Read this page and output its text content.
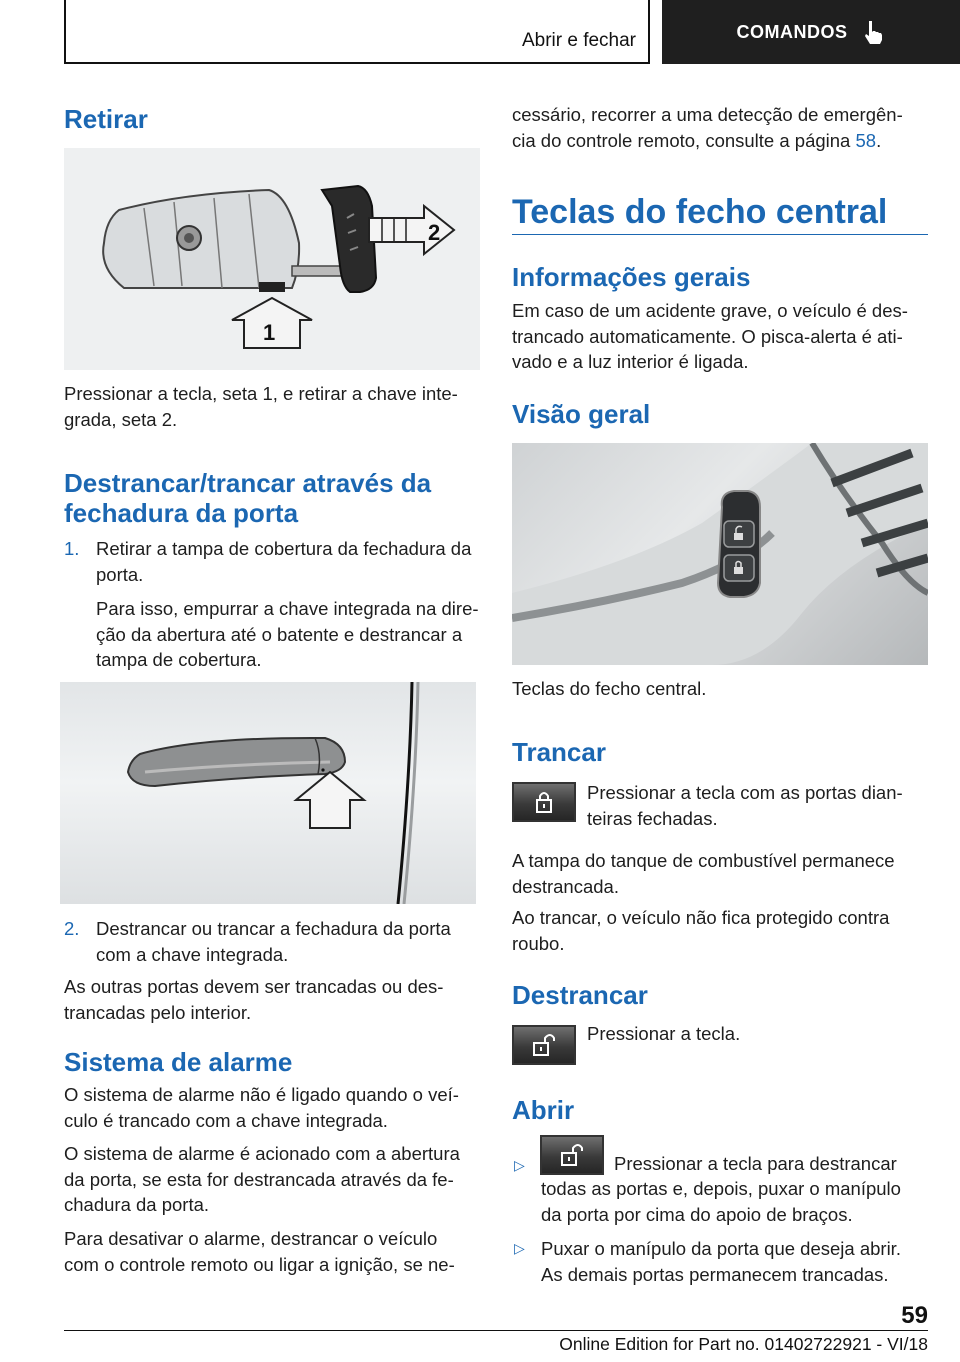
Abrir e fechar	COMANDOS
Retirar
2
1
Pressionar a tecla, seta 1, e retirar a chave inte-
grada, seta 2.
Destrancar/trancar através da
fechadura da porta
1. Retirar a tampa de cobertura da fechadura da
porta.
Para isso, empurrar a chave integrada na dire-
ção da abertura até o batente e destrancar a
tampa de cobertura.
2. Destrancar ou trancar a fechadura da porta
com a chave integrada.
As outras portas devem ser trancadas ou des-
trancadas pelo interior.
Sistema de alarme
O sistema de alarme não é ligado quando o veí-
culo é trancado com a chave integrada.
O sistema de alarme é acionado com a abertura
da porta, se esta for destrancada através da fe-
chadura da porta.
Para desativar o alarme, destrancar o veículo
com o controle remoto ou ligar a ignição, se ne-
cessário, recorrer a uma detecção de emergên-
cia do controle remoto, consulte a página 58.
Teclas do fecho central
Informações gerais
Em caso de um acidente grave, o veículo é des-
trancado automaticamente. O pisca-alerta é ati-
vado e a luz interior é ligada.
Visão geral
Teclas do fecho central.
Trancar
Pressionar a tecla com as portas dian-
teiras fechadas.
A tampa do tanque de combustível permanece
destrancada.
Ao trancar, o veículo não fica protegido contra
roubo.
Destrancar
Pressionar a tecla.
Abrir
▷	Pressionar a tecla para destrancar
todas as portas e, depois, puxar o manípulo
da porta por cima do apoio de braços.
▷ Puxar o manípulo da porta que deseja abrir.
As demais portas permanecem trancadas.
59
Online Edition for Part no. 01402722921 - VI/18
